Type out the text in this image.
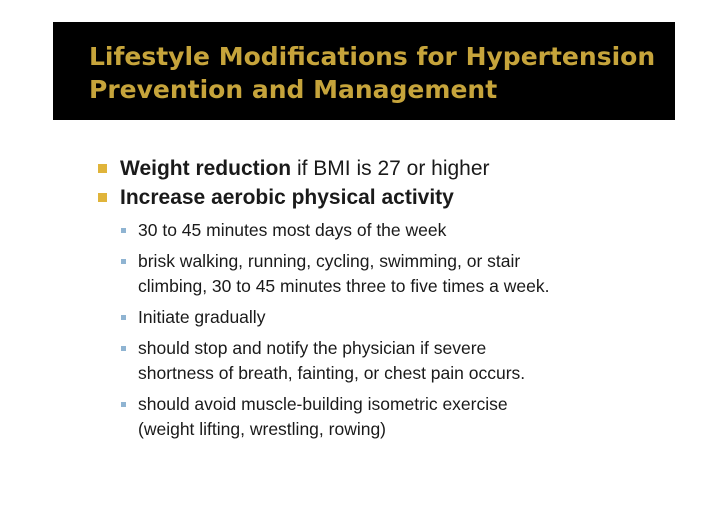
Lifestyle Modifications for Hypertension
Prevention and Management
Weight reduction if BMI is 27 or higher
Increase aerobic physical activity
30 to 45 minutes most days of the week
brisk walking, running, cycling, swimming, or stair
climbing, 30 to 45 minutes three to five times a week.
Initiate gradually
should stop and notify the physician if severe
shortness of breath, fainting, or chest pain occurs.
should avoid muscle-building isometric exercise
(weight lifting, wrestling, rowing)
